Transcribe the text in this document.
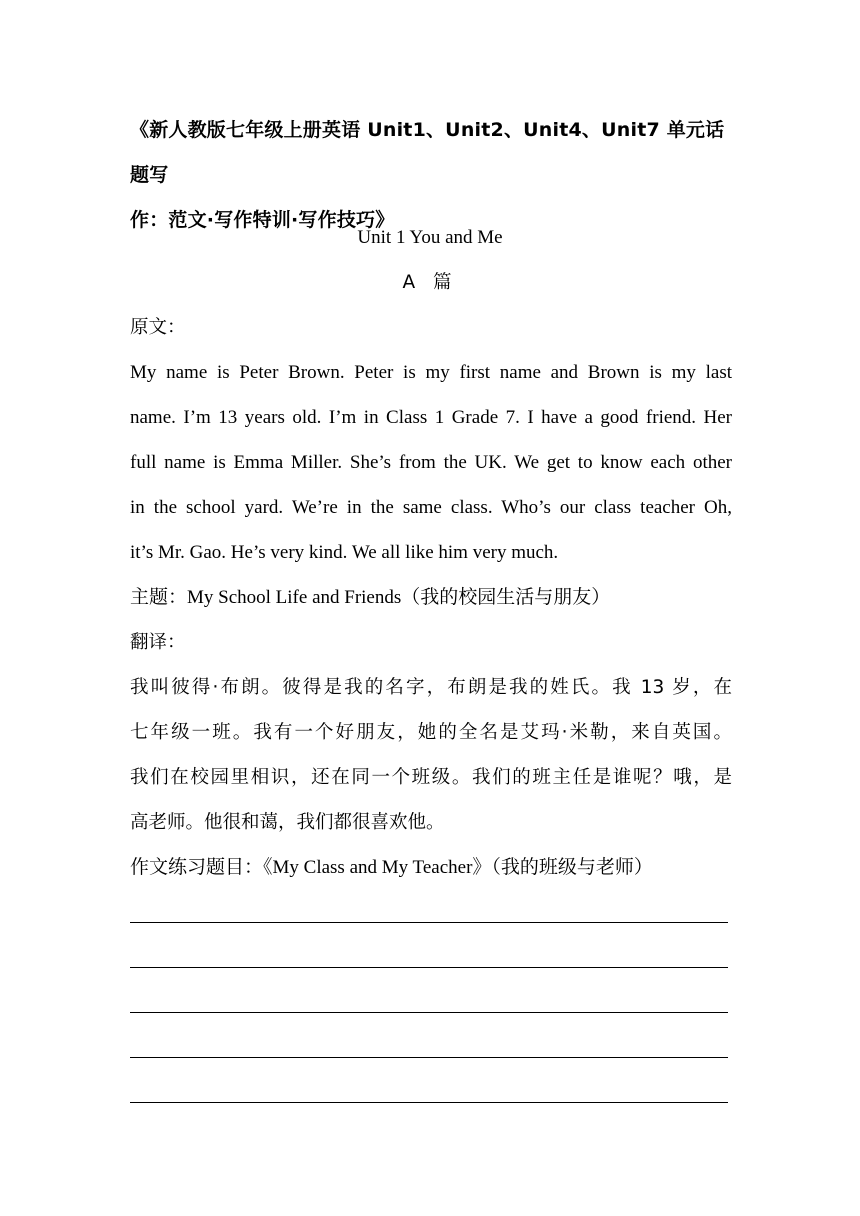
《新人教版七年级上册英语 Unit1、Unit2、Unit4、Unit7 单元话题写
作：范文·写作特训·写作技巧》
Unit 1 You and Me
A 篇
原文：
My name is Peter Brown. Peter is my first name and Brown is my last
name. I’m 13 years old. I’m in Class 1 Grade 7. I have a good friend. Her
full name is Emma Miller. She’s from the UK. We get to know each other
in the school yard. We’re in the same class. Who’s our class teacher Oh,
it’s Mr. Gao. He’s very kind. We all like him very much.
主题：My School Life and Friends（我的校园生活与朋友）
翻译：
我叫彼得·布朗。彼得是我的名字，布朗是我的姓氏。我 13 岁，在
七年级一班。我有一个好朋友，她的全名是艾玛·米勒，来自英国。
我们在校园里相识，还在同一个班级。我们的班主任是谁呢？哦，是
高老师。他很和蔼，我们都很喜欢他。
作文练习题目：《My Class and My Teacher》（我的班级与老师）
